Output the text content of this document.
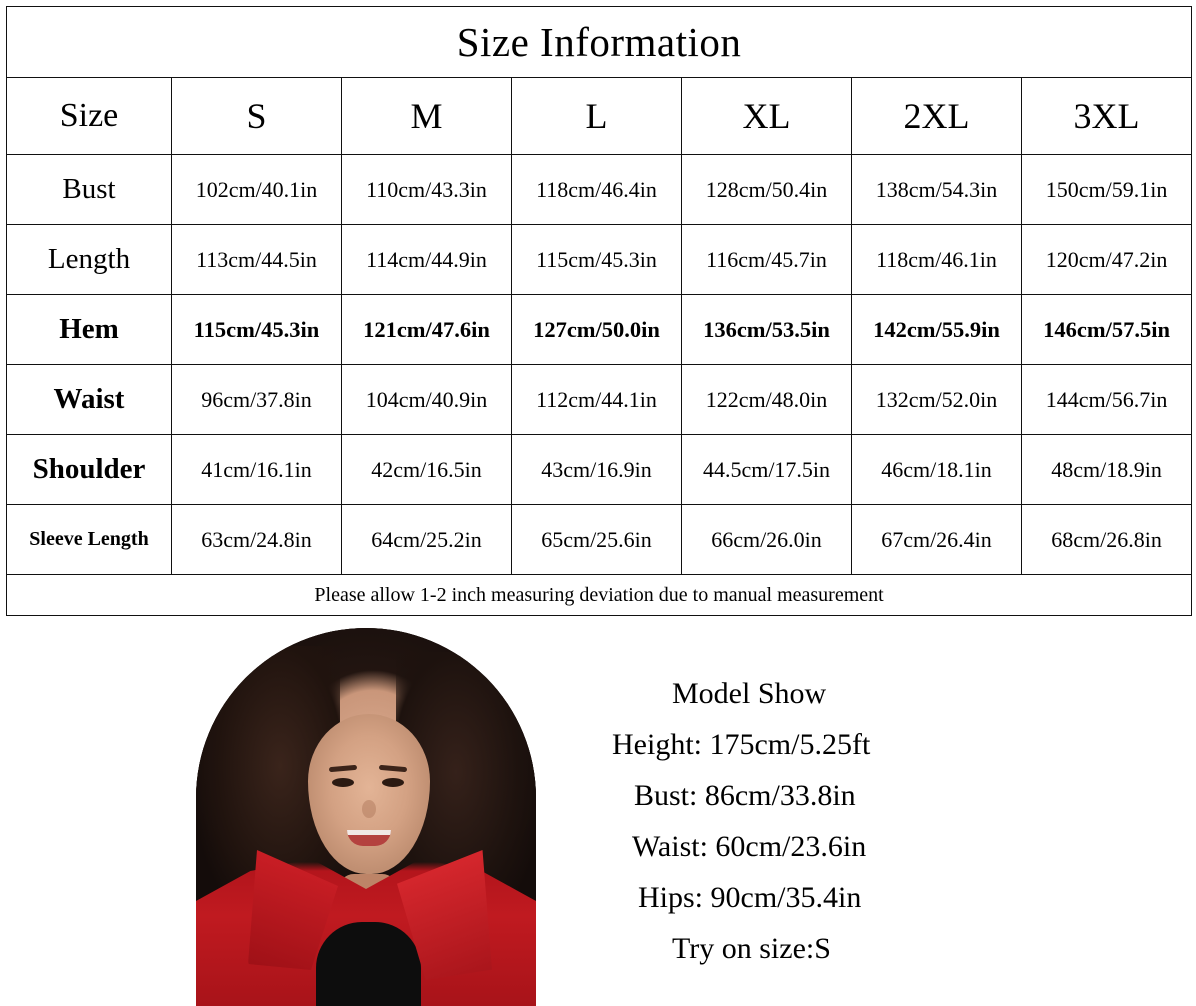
Size Information						
Size	S	M	L	XL	2XL	3XL
Bust	102cm/40.1in	110cm/43.3in	118cm/46.4in	128cm/50.4in	138cm/54.3in	150cm/59.1in
Length	113cm/44.5in	114cm/44.9in	115cm/45.3in	116cm/45.7in	118cm/46.1in	120cm/47.2in
Hem	115cm/45.3in	121cm/47.6in	127cm/50.0in	136cm/53.5in	142cm/55.9in	146cm/57.5in
Waist	96cm/37.8in	104cm/40.9in	112cm/44.1in	122cm/48.0in	132cm/52.0in	144cm/56.7in
Shoulder	41cm/16.1in	42cm/16.5in	43cm/16.9in	44.5cm/17.5in	46cm/18.1in	48cm/18.9in
Sleeve Length	63cm/24.8in	64cm/25.2in	65cm/25.6in	66cm/26.0in	67cm/26.4in	68cm/26.8in
Please allow 1-2 inch measuring deviation due to manual measurement						
Model Show
Height: 175cm/5.25ft
Bust: 86cm/33.8in
Waist: 60cm/23.6in
Hips: 90cm/35.4in
Try on size:S
